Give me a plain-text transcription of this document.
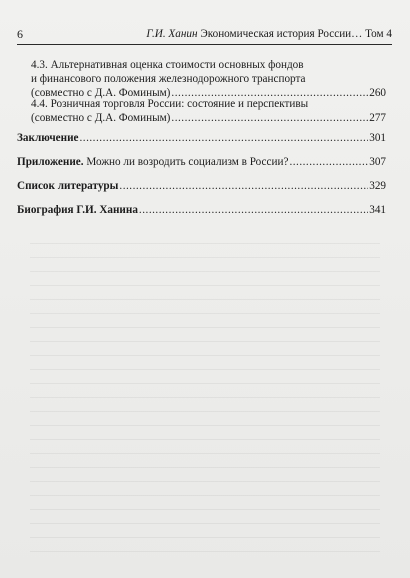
6	Г.И. Ханин Экономическая история России… Том 4
4.3. Альтернативная оценка стоимости основных фондов
и финансового положения железнодорожного транспорта
(совместно с Д.А. Фоминым) .....	260
4.4. Розничная торговля России: состояние и перспективы
(совместно с Д.А. Фоминым) .....	277
Заключение .....	301
Приложение. Можно ли возродить социализм в России? .....	307
Список литературы .....	329
Биография Г.И. Ханина .....	341
